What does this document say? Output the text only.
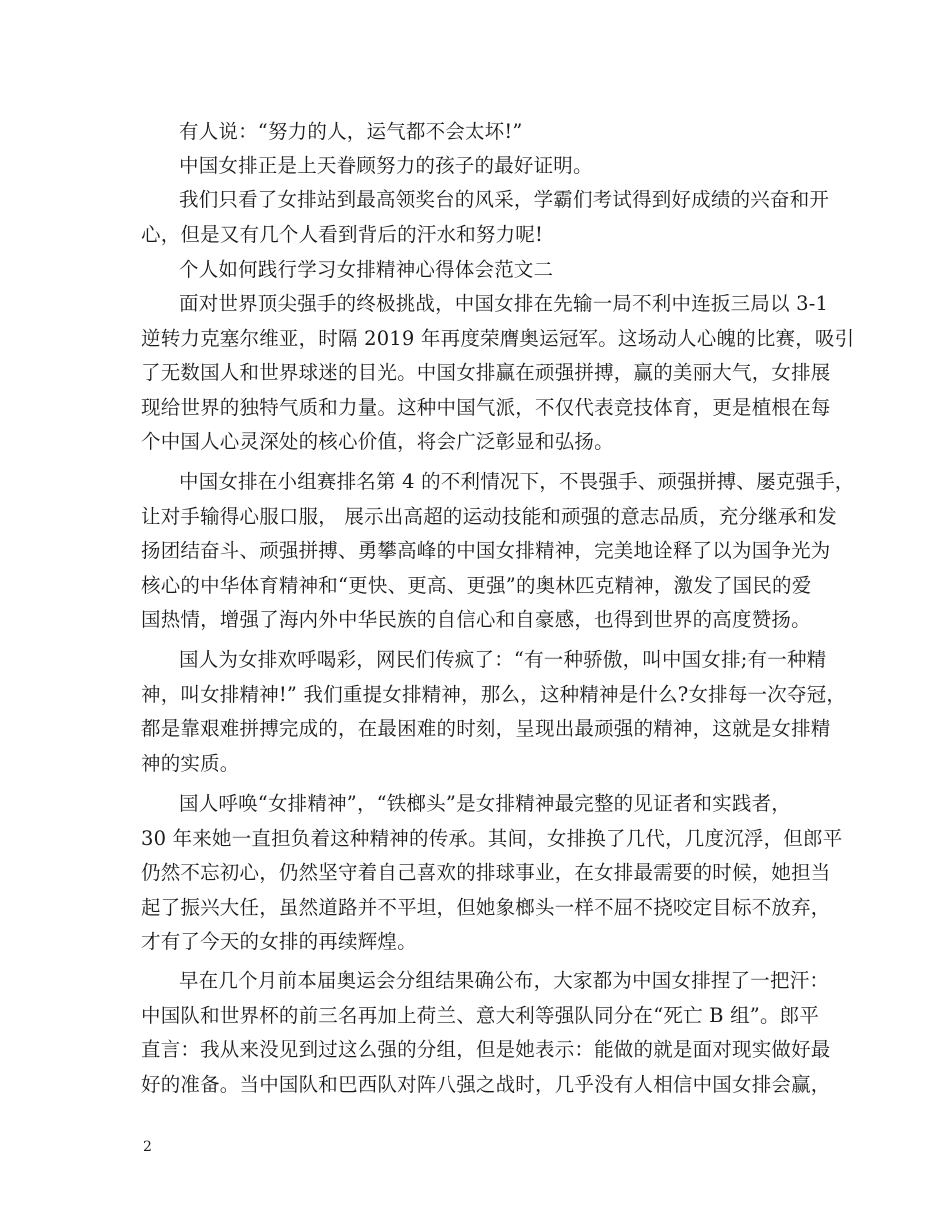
有人说：“努力的人，运气都不会太坏!”
中国女排正是上天眷顾努力的孩子的最好证明。
我们只看了女排站到最高领奖台的风采，学霸们考试得到好成绩的兴奋和开
心，但是又有几个人看到背后的汗水和努力呢!
个人如何践行学习女排精神心得体会范文二
面对世界顶尖强手的终极挑战，中国女排在先输一局不利中连扳三局以 3-1
逆转力克塞尔维亚，时隔 2019 年再度荣膺奥运冠军。这场动人心魄的比赛，吸引
了无数国人和世界球迷的目光。中国女排赢在顽强拼搏，赢的美丽大气，女排展
现给世界的独特气质和力量。这种中国气派，不仅代表竞技体育，更是植根在每
个中国人心灵深处的核心价值，将会广泛彰显和弘扬。
中国女排在小组赛排名第 4 的不利情况下，不畏强手、顽强拼搏、屡克强手，
让对手输得心服口服， 展示出高超的运动技能和顽强的意志品质，充分继承和发
扬团结奋斗、顽强拼搏、勇攀高峰的中国女排精神，完美地诠释了以为国争光为
核心的中华体育精神和“更快、更高、更强”的奥林匹克精神，激发了国民的爱
国热情，增强了海内外中华民族的自信心和自豪感，也得到世界的高度赞扬。
国人为女排欢呼喝彩，网民们传疯了：“有一种骄傲，叫中国女排;有一种精
神，叫女排精神!” 我们重提女排精神，那么，这种精神是什么?女排每一次夺冠，
都是靠艰难拼搏完成的，在最困难的时刻，呈现出最顽强的精神，这就是女排精
神的实质。
国人呼唤“女排精神”，“铁榔头”是女排精神最完整的见证者和实践者，
30 年来她一直担负着这种精神的传承。其间，女排换了几代，几度沉浮，但郎平
仍然不忘初心，仍然坚守着自己喜欢的排球事业，在女排最需要的时候，她担当
起了振兴大任，虽然道路并不平坦，但她象榔头一样不屈不挠咬定目标不放弃，
才有了今天的女排的再续辉煌。
早在几个月前本届奥运会分组结果确公布，大家都为中国女排捏了一把汗：
中国队和世界杯的前三名再加上荷兰、意大利等强队同分在“死亡 B 组”。郎平
直言：我从来没见到过这么强的分组，但是她表示：能做的就是面对现实做好最
好的准备。当中国队和巴西队对阵八强之战时，几乎没有人相信中国女排会赢，
2
